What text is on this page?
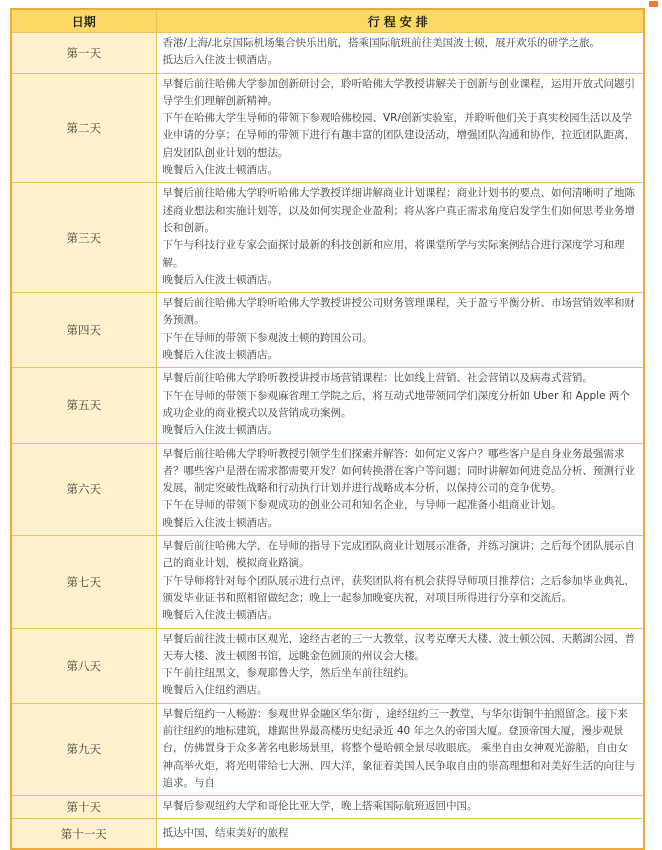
日期	行程安排
第一天	香港/上海/北京国际机场集合快乐出航，搭乘国际航班前往美国波士顿，展开欢乐的研学之旅。
抵达后入住波士顿酒店。

第二天	早餐后前往哈佛大学参加创新研讨会，聆听哈佛大学教授讲解关于创新与创业课程，运用开放式问题引导学生们理解创新精神。
下午在哈佛大学生导师的带领下参观哈佛校园、VR/创新实验室，并聆听他们关于真实校园生活以及学业申请的分享；在导师的带领下进行有趣丰富的团队建设活动，增强团队沟通和协作，拉近团队距离，启发团队创业计划的想法。
晚餐后入住波士顿酒店。

第三天	早餐后前往哈佛大学聆听哈佛大学教授详细讲解商业计划课程：商业计划书的要点、如何清晰明了地陈述商业想法和实施计划等，以及如何实现企业盈利；将从客户真正需求角度启发学生们如何思考业务增长和创新。
下午与科技行业专家会面探讨最新的科技创新和应用，将课堂所学与实际案例结合进行深度学习和理解。
晚餐后入住波士顿酒店。

第四天	早餐后前往哈佛大学聆听哈佛大学教授讲授公司财务管理课程，关于盈亏平衡分析、市场营销效率和财务预测。
下午在导师的带领下参观波士顿的跨国公司。
晚餐后入住波士顿酒店。

第五天	早餐后前往哈佛大学聆听教授讲授市场营销课程：比如线上营销、社会营销以及病毒式营销。
下午在导师的带领下参观麻省理工学院之后，将互动式地带领同学们深度分析如 Uber 和 Apple 两个成功企业的商业模式以及营销成功案例。
晚餐后入住波士顿酒店。

第六天	早餐后前往哈佛大学聆听教授引领学生们探索并解答：如何定义客户？哪些客户是自身业务最强需求者？哪些客户是潜在需求都需要开发？如何转换潜在客户等问题；同时讲解如何进竞品分析、预测行业发展，制定突破性战略和行动执行计划并进行战略成本分析，以保持公司的竞争优势。
下午在导师的带领下参观成功的创业公司和知名企业，与导师一起准备小组商业计划。
晚餐后入住波士顿酒店。

第七天	早餐后前往哈佛大学，在导师的指导下完成团队商业计划展示准备，并练习演讲；之后每个团队展示自己的商业计划，模拟商业路演。
下午导师将针对每个团队展示进行点评，获奖团队将有机会获得导师项目推荐信；之后参加毕业典礼，颁发毕业证书和照相留做纪念；晚上一起参加晚宴庆祝，对项目所得进行分享和交流后。
晚餐后入住波士顿酒店。

第八天	早餐后前往波士顿市区观光，途经古老的三一大教堂、汉考克摩天大楼、波士顿公园、天鹅湖公园、普天寿大楼、波士顿图书馆，远眺金色圆顶的州议会大楼。
下午前往纽黑文，参观耶鲁大学，然后坐车前往纽约。
晚餐后入住纽约酒店。

第九天	早餐后纽约一人畅游：参观世界金融区华尔街 ，途经纽约三一教堂，与华尔街铜牛拍照留念。接下来前往纽约的地标建筑，雄踞世界最高楼历史纪录近 40 年之久的帝国大厦。登顶帝国大厦，漫步观景台，仿佛置身于众多著名电影场景里，将整个曼哈顿全景尽收眼底。 乘坐自由女神观光游船，自由女神高举火炬，将光明带给七大洲、四大洋，象征着美国人民争取自由的崇高理想和对美好生活的向往与追求。与自

第十天	早餐后参观纽约大学和哥伦比亚大学，晚上搭乘国际航班返回中国。

第十一天	抵达中国，结束美好的旅程
